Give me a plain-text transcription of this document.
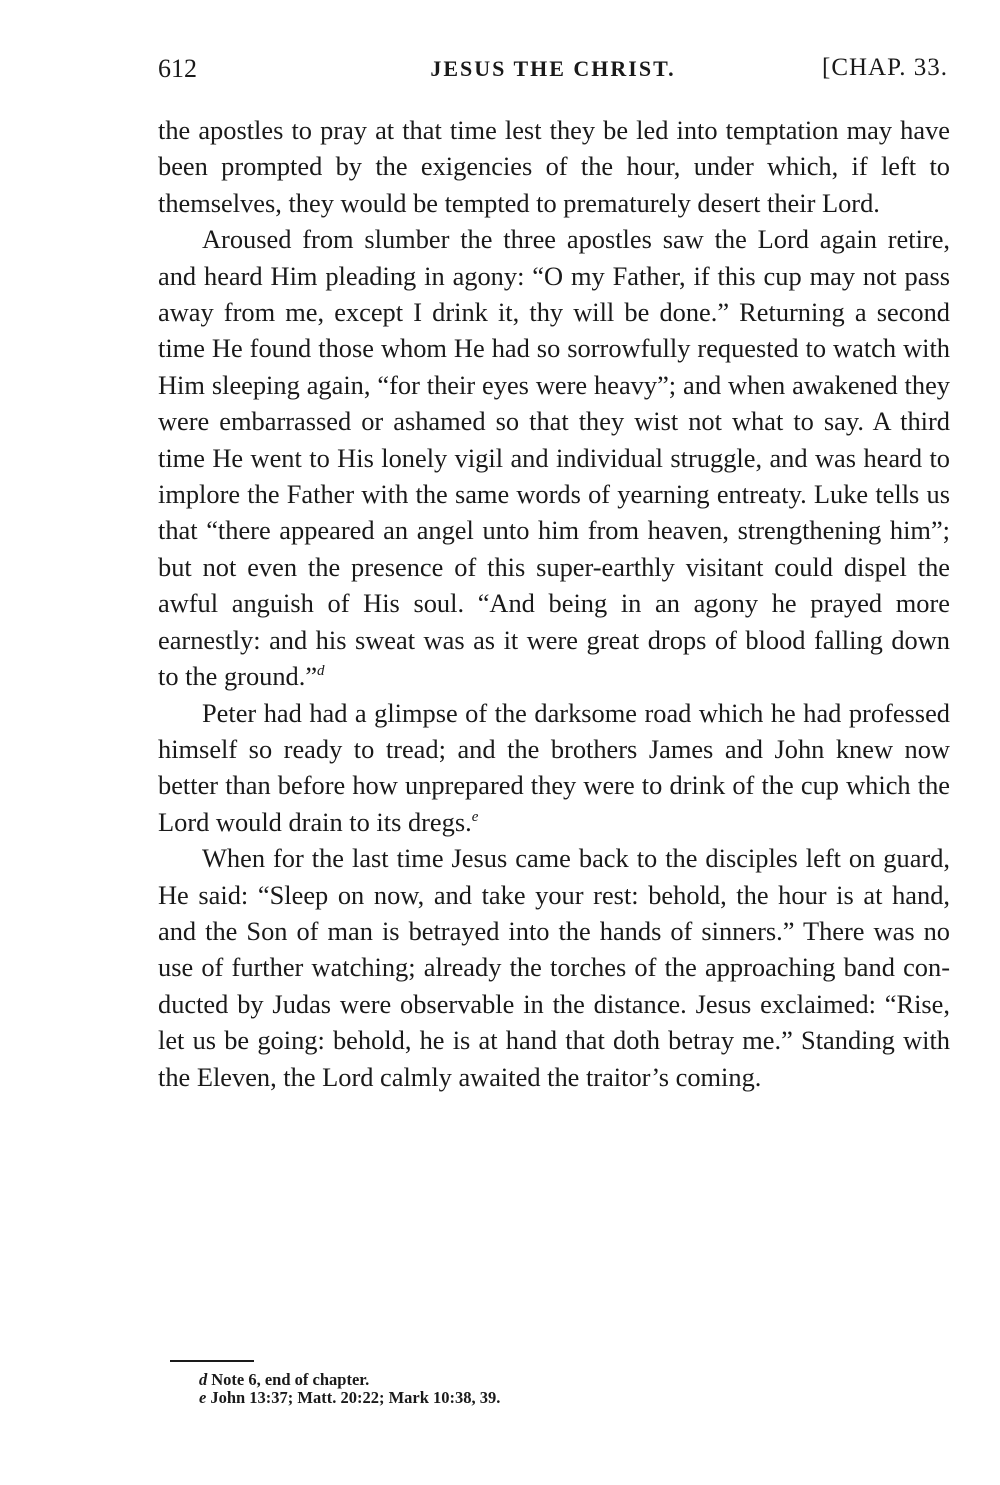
612	JESUS THE CHRIST.	[CHAP. 33.

the apostles to pray at that time lest they be led into temptation may have been prompted by the exigencies of the hour, under which, if left to themselves, they would be tempted to prematurely desert their Lord.

Aroused from slumber the three apostles saw the Lord again retire, and heard Him pleading in agony: “O my Father, if this cup may not pass away from me, except I drink it, thy will be done.” Returning a second time He found those whom He had so sorrowfully requested to watch with Him sleeping again, “for their eyes were heavy”; and when awakened they were embarrassed or ashamed so that they wist not what to say. A third time He went to His lonely vigil and individual struggle, and was heard to implore the Father with the same words of yearning entreaty. Luke tells us that “there appeared an angel unto him from heaven, strengthening him”; but not even the presence of this super-earthly visitant could dispel the awful anguish of His soul. “And being in an agony he prayed more earnestly: and his sweat was as it were great drops of blood falling down to the ground.”$^d$

Peter had had a glimpse of the darksome road which he had professed himself so ready to tread; and the brothers James and John knew now better than before how unprepared they were to drink of the cup which the Lord would drain to its dregs.$^e$

When for the last time Jesus came back to the disciples left on guard, He said: “Sleep on now, and take your rest: behold, the hour is at hand, and the Son of man is betrayed into the hands of sinners.” There was no use of further watching; already the torches of the approaching band conducted by Judas were observable in the distance. Jesus exclaimed: “Rise, let us be going: behold, he is at hand that doth betray me.” Standing with the Eleven, the Lord calmly awaited the traitor’s coming.

d Note 6, end of chapter.
e John 13:37; Matt. 20:22; Mark 10:38, 39.
